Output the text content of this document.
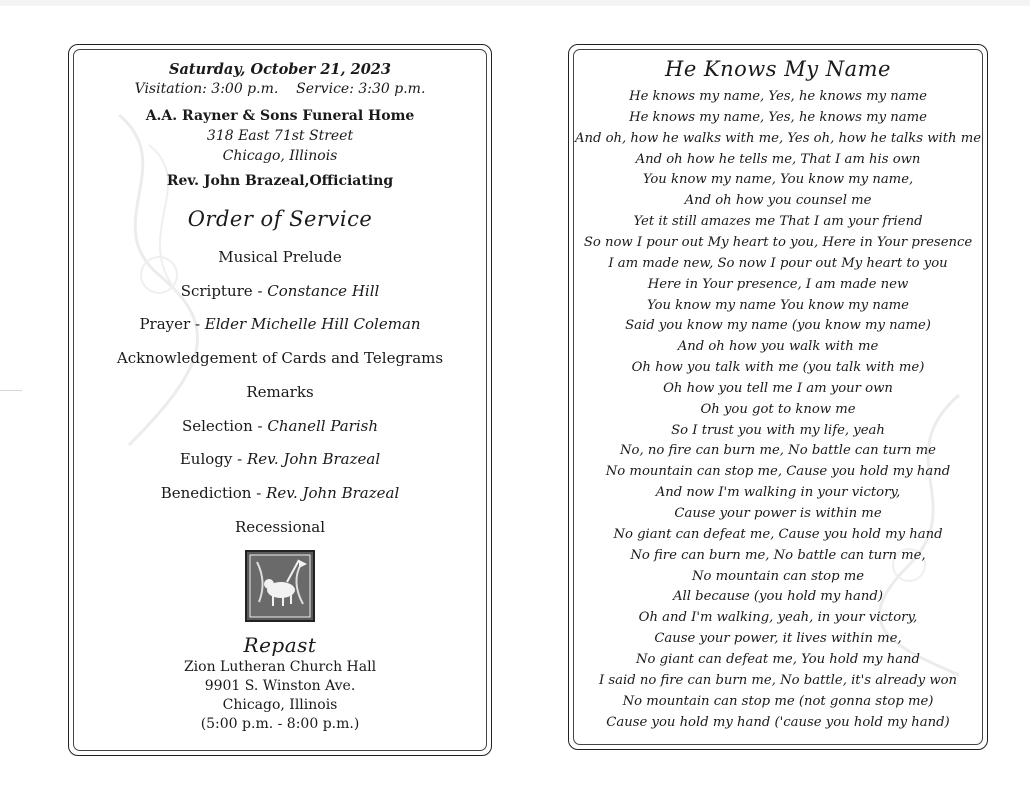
Saturday, October 21, 2023
Visitation: 3:00 p.m.    Service: 3:30 p.m.
A.A. Rayner & Sons Funeral Home
318 East 71st Street
Chicago, Illinois
Rev. John Brazeal,Officiating
Order of Service
Musical Prelude
Scripture - Constance Hill
Prayer - Elder Michelle Hill Coleman
Acknowledgement of Cards and Telegrams
Remarks
Selection - Chanell Parish
Eulogy - Rev. John Brazeal
Benediction - Rev. John Brazeal
Recessional
Repast
Zion Lutheran Church Hall
9901 S. Winston Ave.
Chicago, Illinois
(5:00 p.m. - 8:00 p.m.)
He Knows My Name
He knows my name, Yes, he knows my name
He knows my name, Yes, he knows my name
And oh, how he walks with me, Yes oh, how he talks with me
And oh how he tells me, That I am his own
You know my name, You know my name,
And oh how you counsel me
Yet it still amazes me That I am your friend
So now I pour out My heart to you, Here in Your presence
I am made new, So now I pour out My heart to you
Here in Your presence, I am made new
You know my name You know my name
Said you know my name (you know my name)
And oh how you walk with me
Oh how you talk with me (you talk with me)
Oh how you tell me I am your own
Oh you got to know me
So I trust you with my life, yeah
No, no fire can burn me, No battle can turn me
No mountain can stop me, Cause you hold my hand
And now I'm walking in your victory,
Cause your power is within me
No giant can defeat me, Cause you hold my hand
No fire can burn me, No battle can turn me,
No mountain can stop me
All because (you hold my hand)
Oh and I'm walking, yeah, in your victory,
Cause your power, it lives within me,
No giant can defeat me, You hold my hand
I said no fire can burn me, No battle, it's already won
No mountain can stop me (not gonna stop me)
Cause you hold my hand ('cause you hold my hand)
